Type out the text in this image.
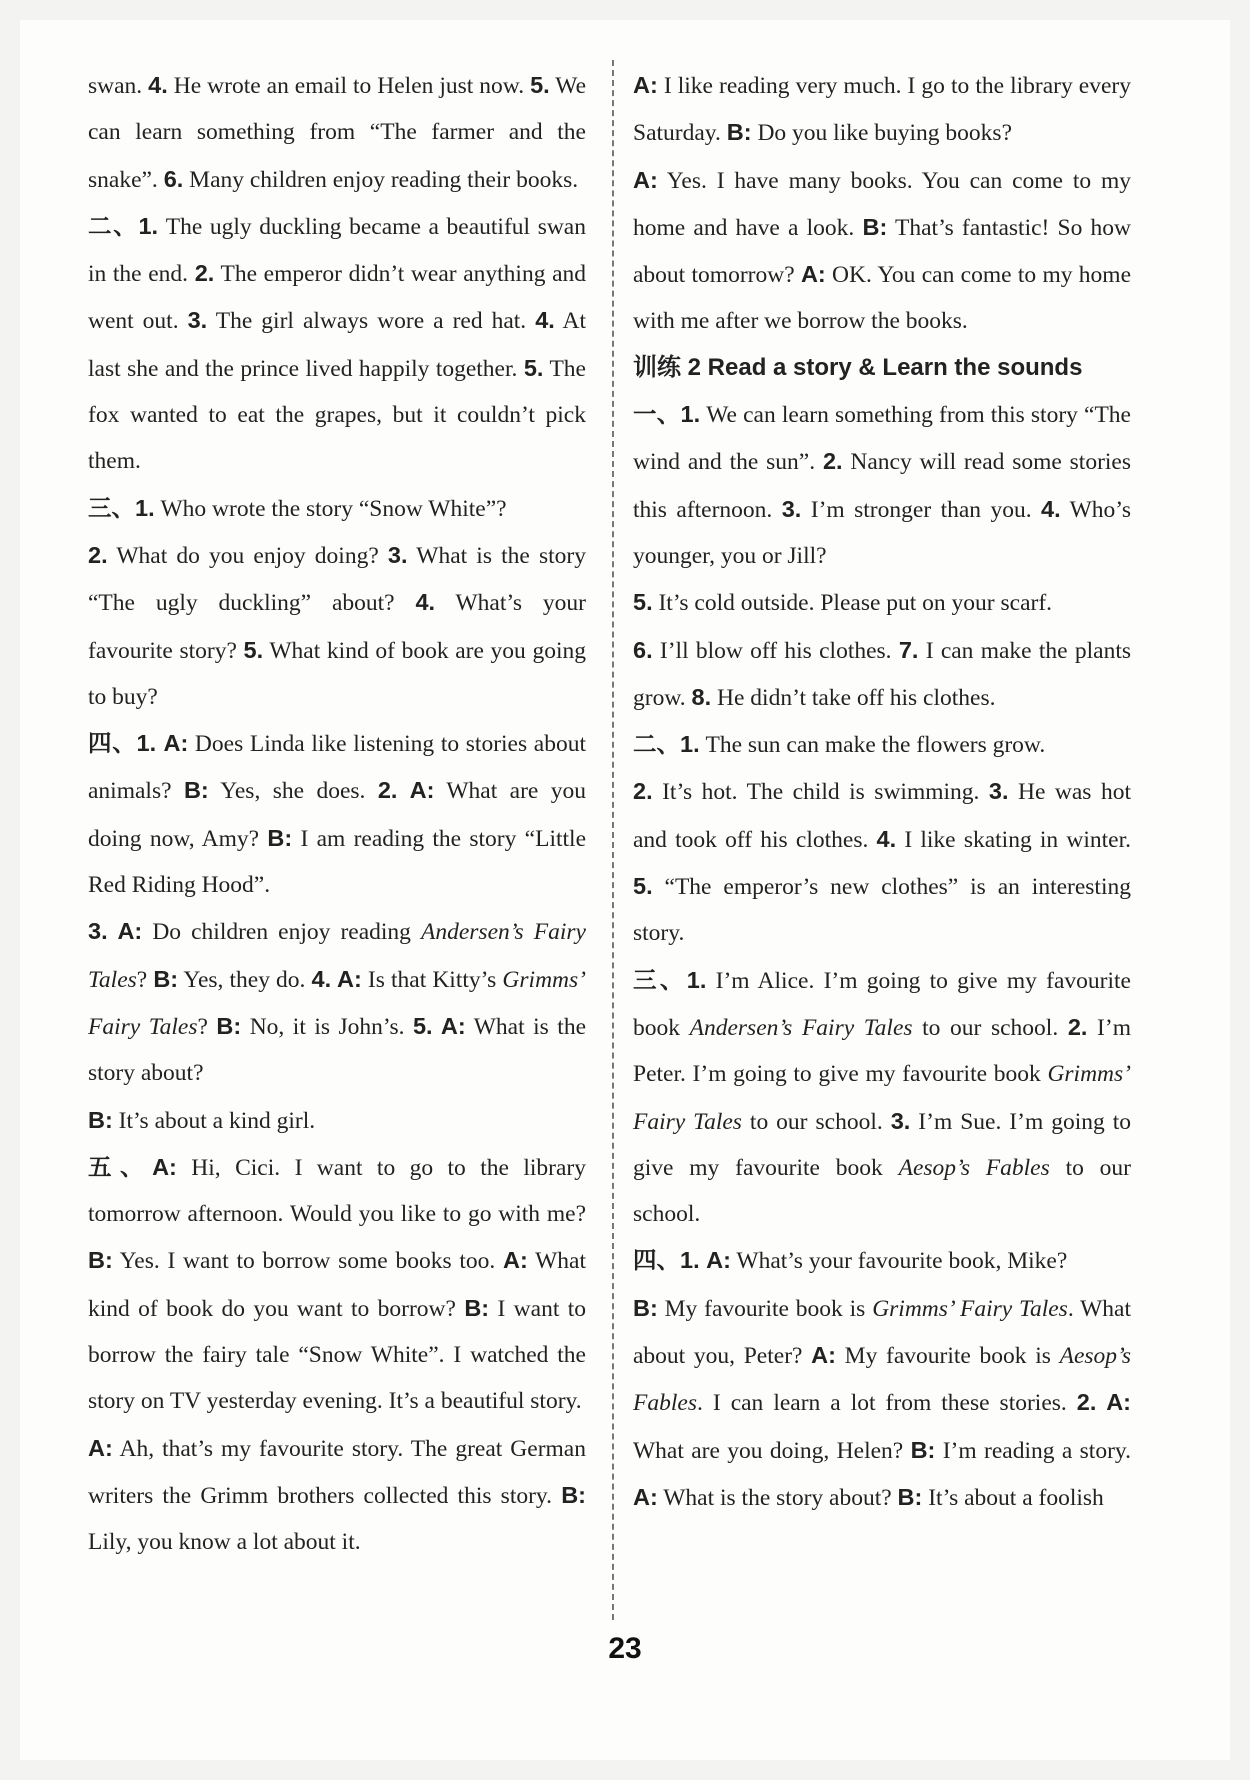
swan. 4. He wrote an email to Helen just now. 5. We can learn something from “The farmer and the snake”. 6. Many children enjoy reading their books.

二、1. The ugly duckling became a beautiful swan in the end. 2. The emperor didn’t wear anything and went out. 3. The girl always wore a red hat. 4. At last she and the prince lived happily together. 5. The fox wanted to eat the grapes, but it couldn’t pick them.

三、1. Who wrote the story “Snow White”?

2. What do you enjoy doing? 3. What is the story “The ugly duckling” about? 4. What’s your favourite story? 5. What kind of book are you going to buy?

四、1. A: Does Linda like listening to stories about animals? B: Yes, she does. 2. A: What are you doing now, Amy? B: I am reading the story “Little Red Riding Hood”.

3. A: Do children enjoy reading Andersen’s Fairy Tales? B: Yes, they do. 4. A: Is that Kitty’s Grimms’ Fairy Tales? B: No, it is John’s. 5. A: What is the story about?

B: It’s about a kind girl.

五、A: Hi, Cici. I want to go to the library tomorrow afternoon. Would you like to go with me? B: Yes. I want to borrow some books too. A: What kind of book do you want to borrow? B: I want to borrow the fairy tale “Snow White”. I watched the story on TV yesterday evening. It’s a beautiful story.

A: Ah, that’s my favourite story. The great German writers the Grimm brothers collected this story. B: Lily, you know a lot about it.

A: I like reading very much. I go to the library every Saturday. B: Do you like buying books?

A: Yes. I have many books. You can come to my home and have a look. B: That’s fantastic! So how about tomorrow? A: OK. You can come to my home with me after we borrow the books.

训练 2 Read a story & Learn the sounds

一、1. We can learn something from this story “The wind and the sun”. 2. Nancy will read some stories this afternoon. 3. I’m stronger than you. 4. Who’s younger, you or Jill?

5. It’s cold outside. Please put on your scarf.

6. I’ll blow off his clothes. 7. I can make the plants grow. 8. He didn’t take off his clothes.

二、1. The sun can make the flowers grow.

2. It’s hot. The child is swimming. 3. He was hot and took off his clothes. 4. I like skating in winter. 5. “The emperor’s new clothes” is an interesting story.

三、1. I’m Alice. I’m going to give my favourite book Andersen’s Fairy Tales to our school. 2. I’m Peter. I’m going to give my favourite book Grimms’ Fairy Tales to our school. 3. I’m Sue. I’m going to give my favourite book Aesop’s Fables to our school.

四、1. A: What’s your favourite book, Mike?

B: My favourite book is Grimms’ Fairy Tales. What about you, Peter? A: My favourite book is Aesop’s Fables. I can learn a lot from these stories. 2. A: What are you doing, Helen? B: I’m reading a story. A: What is the story about? B: It’s about a foolish

23
